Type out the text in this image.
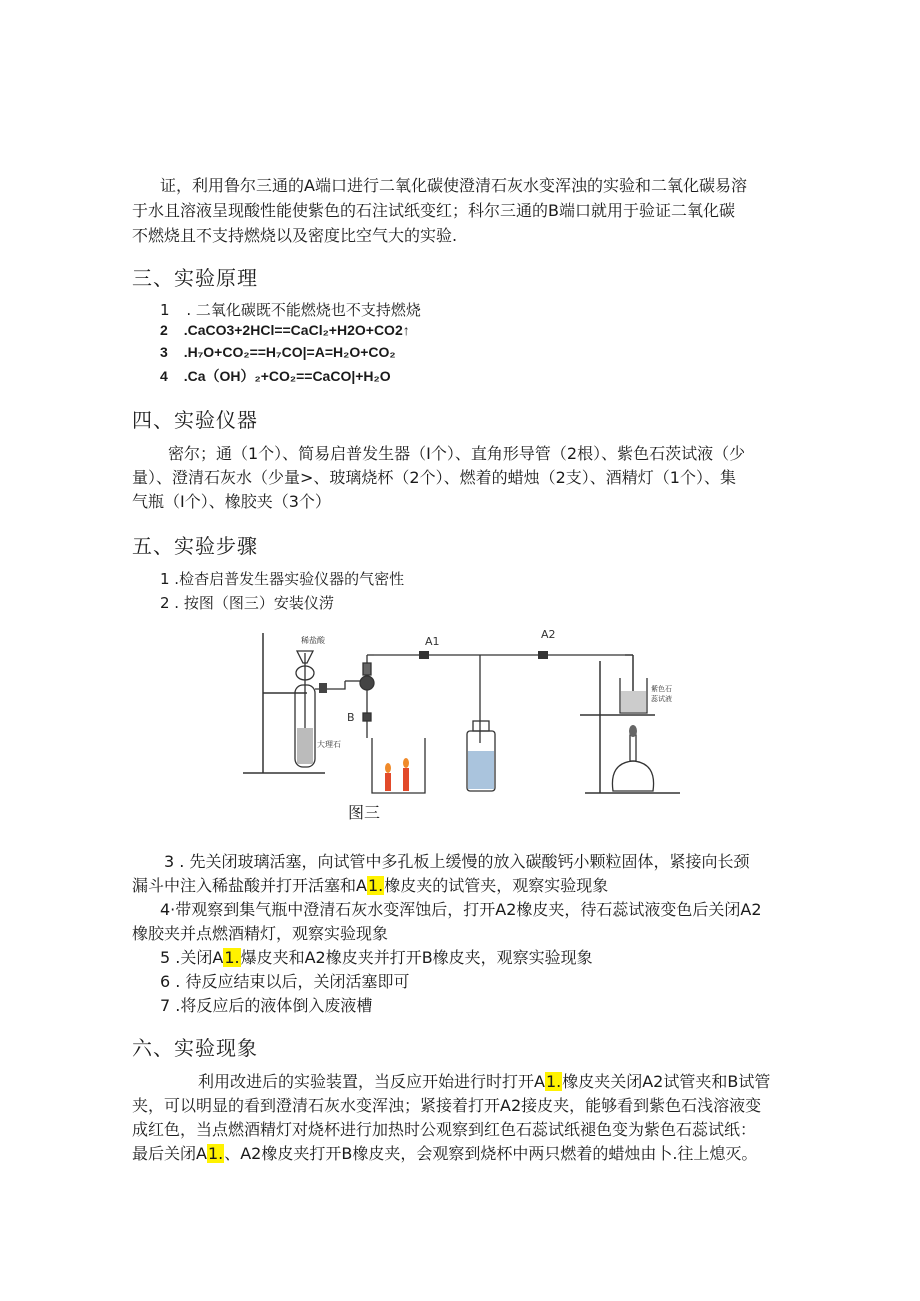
证，利用鲁尔三通的A端口进行二氧化碳使澄清石灰水变浑浊的实验和二氧化碳易溶
于水且溶液呈现酸性能使紫色的石注试纸变红；科尔三通的B端口就用于验证二氧化碳
不燃烧且不支持燃烧以及密度比空气大的实验.
三、实验原理
1 . 二氧化碳既不能燃烧也不支持燃烧
2 .CaCO3+2HCl==CaCl₂+H2O+CO2↑
3 .H₇O+CO₂==H₇CO|=A=H₂O+CO₂
4 .Ca（OH）₂+CO₂==CaCO|+H₂O
四、实验仪器
密尔；通（1个）、简易启普发生器（I个）、直角形导管（2根）、紫色石茨试液（少
量）、澄清石灰水（少量>、玻璃烧杯（2个）、燃着的蜡烛（2支）、酒精灯（1个）、集
气瓶（I个）、橡胶夹（3个）
五、实验步骤
1 .检杳启普发生器实验仪器的气密性
2 . 按图（图三）安装仪涝
稀盐酸
大理石
A1
A2
B
紫色石
蕊试液
图三
3 . 先关闭玻璃活塞，向试管中多孔板上缓慢的放入碳酸钙小颗粒固体，紧接向长颈
漏斗中注入稀盐酸并打开活塞和A1.橡皮夹的试管夹，观察实验现象
4·带观察到集气瓶中澄清石灰水变浑蚀后，打开A2橡皮夹，待石蕊试液变色后关闭A2
橡胶夹并点燃酒精灯，观察实验现象
5 .关闭A1.爆皮夹和A2橡皮夹并打开B橡皮夹，观察实验现象
6 . 待反应结束以后，关闭活塞即可
7 .将反应后的液体倒入废液槽
六、实验现象
利用改进后的实验装置，当反应开始进行时打开A1.橡皮夹关闭A2试管夹和B试管
夹，可以明显的看到澄清石灰水变浑浊；紧接着打开A2接皮夹，能够看到紫色石浅溶液变
成红色，当点燃酒精灯对烧杯进行加热时公观察到红色石蕊试纸褪色变为紫色石蕊试纸：
最后关闭A1.、A2橡皮夹打开B橡皮夹，会观察到烧杯中两只燃着的蜡烛由卜.往上熄灭。
